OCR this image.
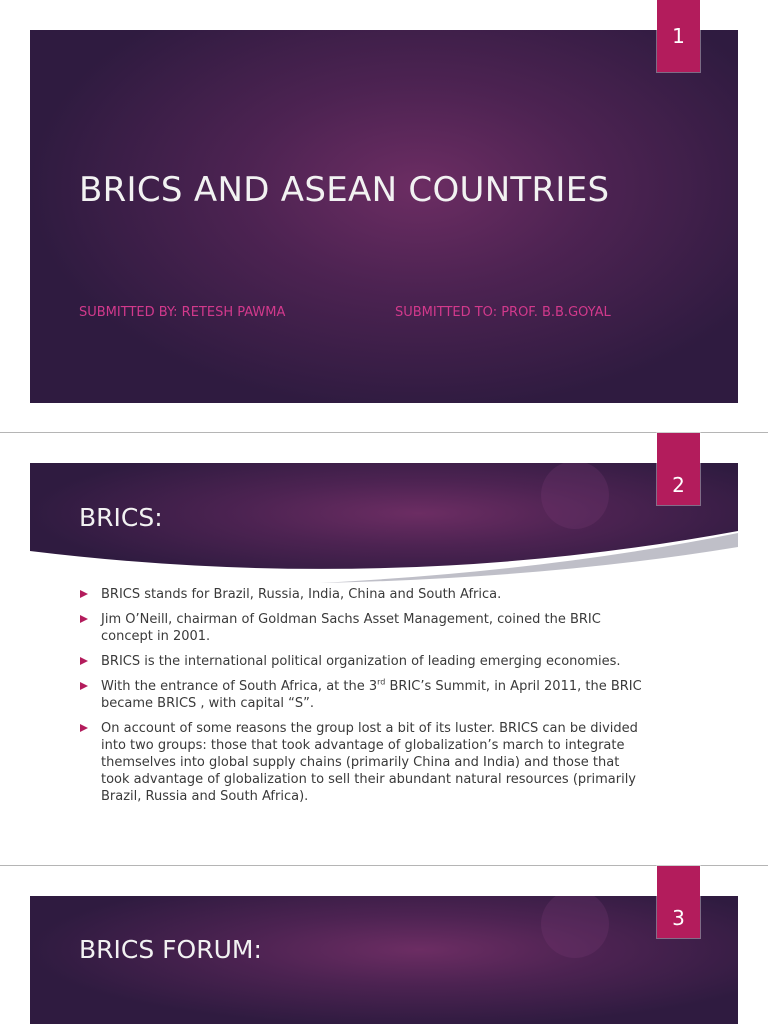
1
BRICS AND ASEAN COUNTRIES

SUBMITTED BY: RETESH PAWMA	SUBMITTED TO: PROF. B.B.GOYAL

2
BRICS:
BRICS stands for Brazil, Russia, India, China and South Africa.
Jim O’Neill, chairman of Goldman Sachs Asset Management, coined the BRIC concept in 2001.
BRICS is the international political organization of leading emerging economies.
With the entrance of South Africa, at the 3rd BRIC’s Summit, in April 2011, the BRIC became BRICS , with capital “S”.
On account of some reasons the group lost a bit of its luster. BRICS can be divided into two groups: those that took advantage of globalization’s march to integrate themselves into global supply chains (primarily China and India) and those that took advantage of globalization to sell their abundant natural resources (primarily Brazil, Russia and South Africa).
3
BRICS FORUM:
